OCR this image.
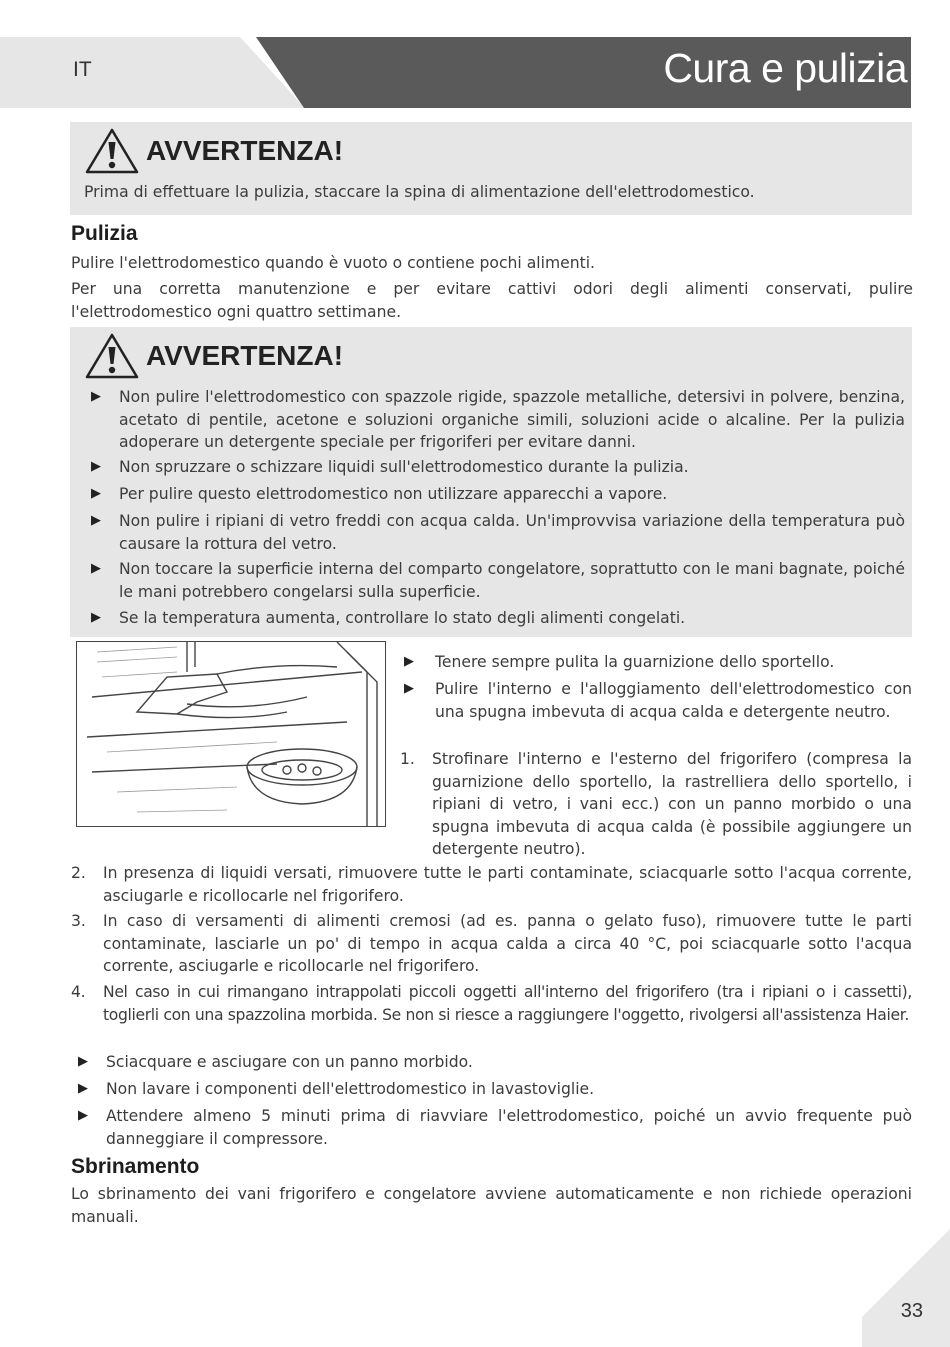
IT	Cura e pulizia
AVVERTENZA!
Prima di effettuare la pulizia, staccare la spina di alimentazione dell'elettrodomestico.
Pulizia
Pulire l'elettrodomestico quando è vuoto o contiene pochi alimenti.
Per una corretta manutenzione e per evitare cattivi odori degli alimenti conservati, pulire l'elettrodomestico ogni quattro settimane.
AVVERTENZA!
▶	Non pulire l'elettrodomestico con spazzole rigide, spazzole metalliche, detersivi in polvere, benzina, acetato di pentile, acetone e soluzioni organiche simili, soluzioni acide o alcaline. Per la pulizia adoperare un detergente speciale per frigoriferi per evitare danni.
▶	Non spruzzare o schizzare liquidi sull'elettrodomestico durante la pulizia.
▶	Per pulire questo elettrodomestico non utilizzare apparecchi a vapore.
▶	Non pulire i ripiani di vetro freddi con acqua calda. Un'improvvisa variazione della temperatura può causare la rottura del vetro.
▶	Non toccare la superficie interna del comparto congelatore, soprattutto con le mani bagnate, poiché le mani potrebbero congelarsi sulla superficie.
▶	Se la temperatura aumenta, controllare lo stato degli alimenti congelati.
▶	Tenere sempre pulita la guarnizione dello sportello.
▶	Pulire l'interno e l'alloggiamento dell'elettrodomestico con una spugna imbevuta di acqua calda e detergente neutro.
1.	Strofinare l'interno e l'esterno del frigorifero (compresa la guarnizione dello sportello, la rastrelliera dello sportello, i ripiani di vetro, i vani ecc.) con un panno morbido o una spugna imbevuta di acqua calda (è possibile aggiungere un detergente neutro).
2.	In presenza di liquidi versati, rimuovere tutte le parti contaminate, sciacquarle sotto l'acqua corrente, asciugarle e ricollocarle nel frigorifero.
3.	In caso di versamenti di alimenti cremosi (ad es. panna o gelato fuso), rimuovere tutte le parti contaminate, lasciarle un po' di tempo in acqua calda a circa 40 °C, poi sciacquarle sotto l'acqua corrente, asciugarle e ricollocarle nel frigorifero.
4.	Nel caso in cui rimangano intrappolati piccoli oggetti all'interno del frigorifero (tra i ripiani o i cassetti), toglierli con una spazzolina morbida. Se non si riesce a raggiungere l'oggetto, rivolgersi all'assistenza Haier.
▶	Sciacquare e asciugare con un panno morbido.
▶	Non lavare i componenti dell'elettrodomestico in lavastoviglie.
▶	Attendere almeno 5 minuti prima di riavviare l'elettrodomestico, poiché un avvio frequente può danneggiare il compressore.
Sbrinamento
Lo sbrinamento dei vani frigorifero e congelatore avviene automaticamente e non richiede operazioni manuali.
33
